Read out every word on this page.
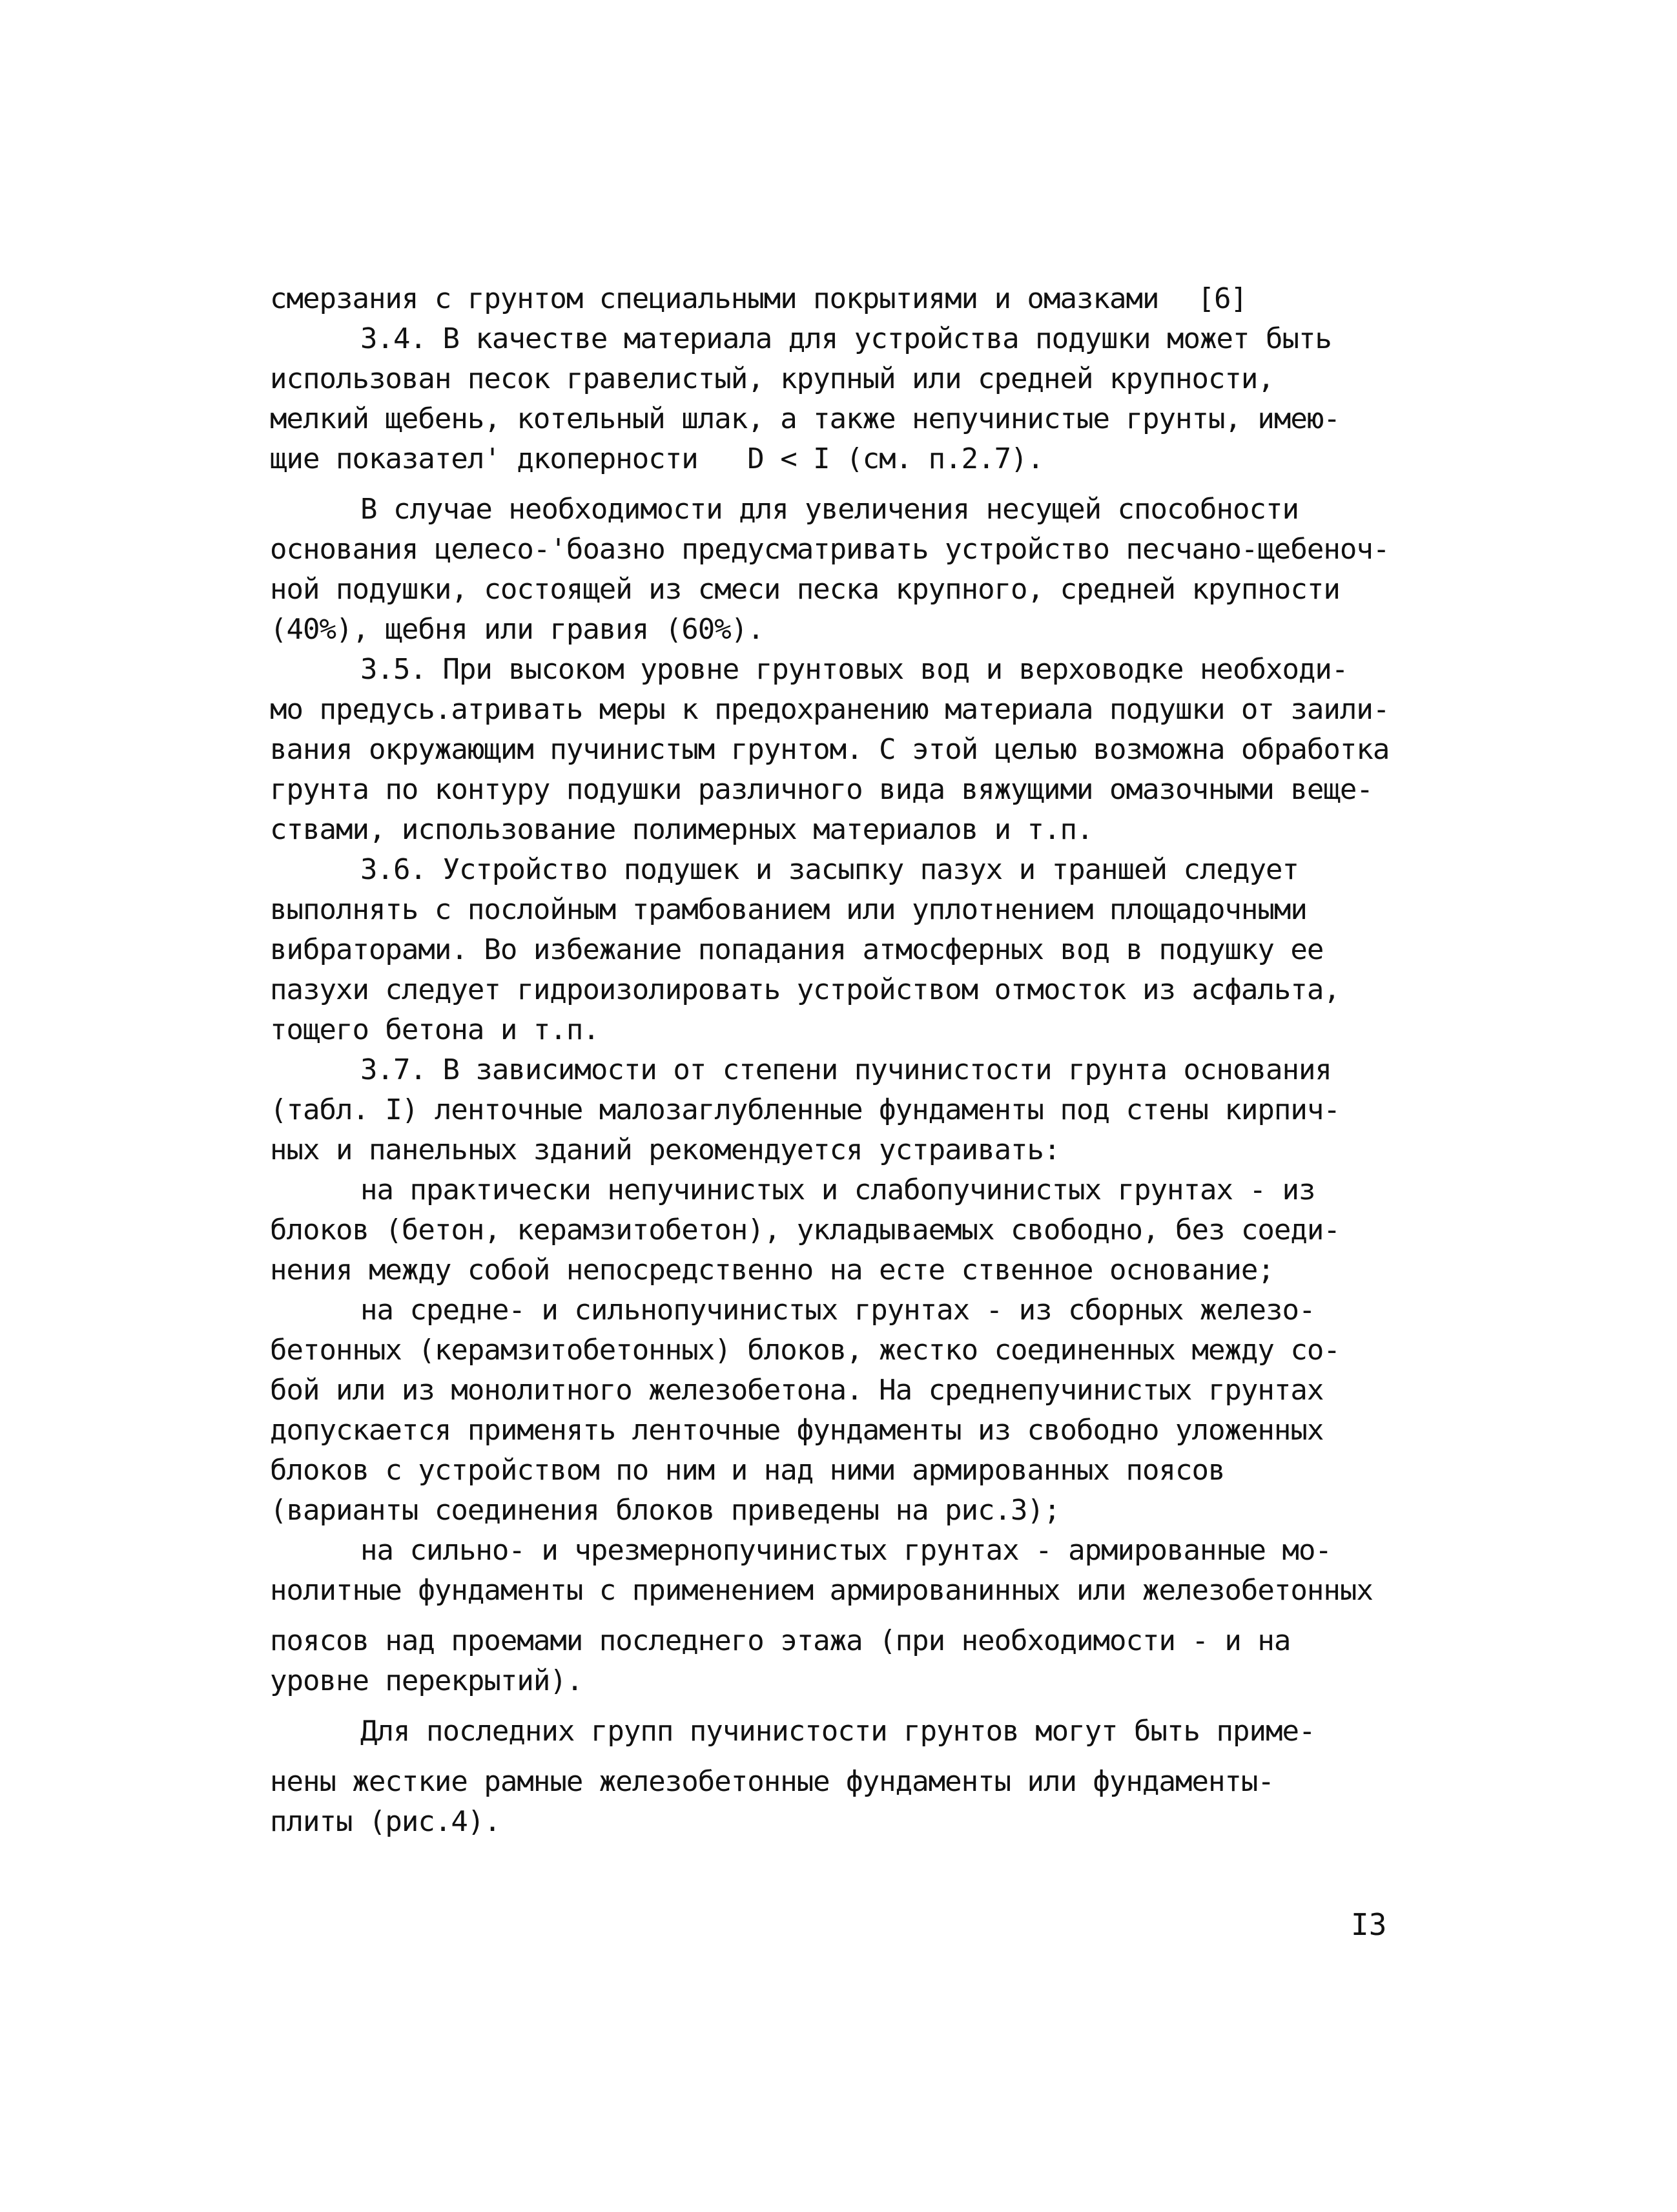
смерзания с грунтом специальными покрытиями и омазками [6]
3.4. В качестве материала для устройства подушки может быть
использован песок гравелистый, крупный или средней крупности,
мелкий щебень, котельный шлак, а также непучинистые грунты, имею-
щие показател' дкоперности   D < I (см. п.2.7).
В случае необходимости для увеличения несущей способности
основания целесо-'боазно предусматривать устройство песчано-щебеноч-
ной подушки, состоящей из смеси песка крупного, средней крупности
(40%), щебня или гравия (60%).
3.5. При высоком уровне грунтовых вод и верховодке необходи-
мо предусь.атривать меры к предохранению материала подушки от заили-
вания окружающим пучинистым грунтом. С этой целью возможна обработка
грунта по контуру подушки различного вида вяжущими омазочными веще-
ствами, использование полимерных материалов и т.п.
3.6. Устройство подушек и засыпку пазух и траншей следует
выполнять с послойным трамбованием или уплотнением площадочными
вибраторами. Во избежание попадания атмосферных вод в подушку ее
пазухи следует гидроизолировать устройством отмосток из асфальта,
тощего бетона и т.п.
3.7. В зависимости от степени пучинистости грунта основания
(табл. I) ленточные малозаглубленные фундаменты под стены кирпич-
ных и панельных зданий рекомендуется устраивать:
на практически непучинистых и слабопучинистых грунтах - из
блоков (бетон, керамзитобетон), укладываемых свободно, без соеди-
нения между собой непосредственно на есте ственное основание;
на средне- и сильнопучинистых грунтах - из сборных железо-
бетонных (керамзитобетонных) блоков, жестко соединенных между со-
бой или из монолитного железобетона. На среднепучинистых грунтах
допускается применять ленточные фундаменты из свободно уложенных
блоков с устройством по ним и над ними армированных поясов
(варианты соединения блоков приведены на рис.3);
на сильно- и чрезмернопучинистых грунтах - армированные мо-
нолитные фундаменты с применением армированинных или железобетонных
поясов над проемами последнего этажа (при необходимости - и на
уровне перекрытий).
Для последних групп пучинистости грунтов могут быть приме-
нены жесткие рамные железобетонные фундаменты или фундаменты-
плиты (рис.4).
I3
